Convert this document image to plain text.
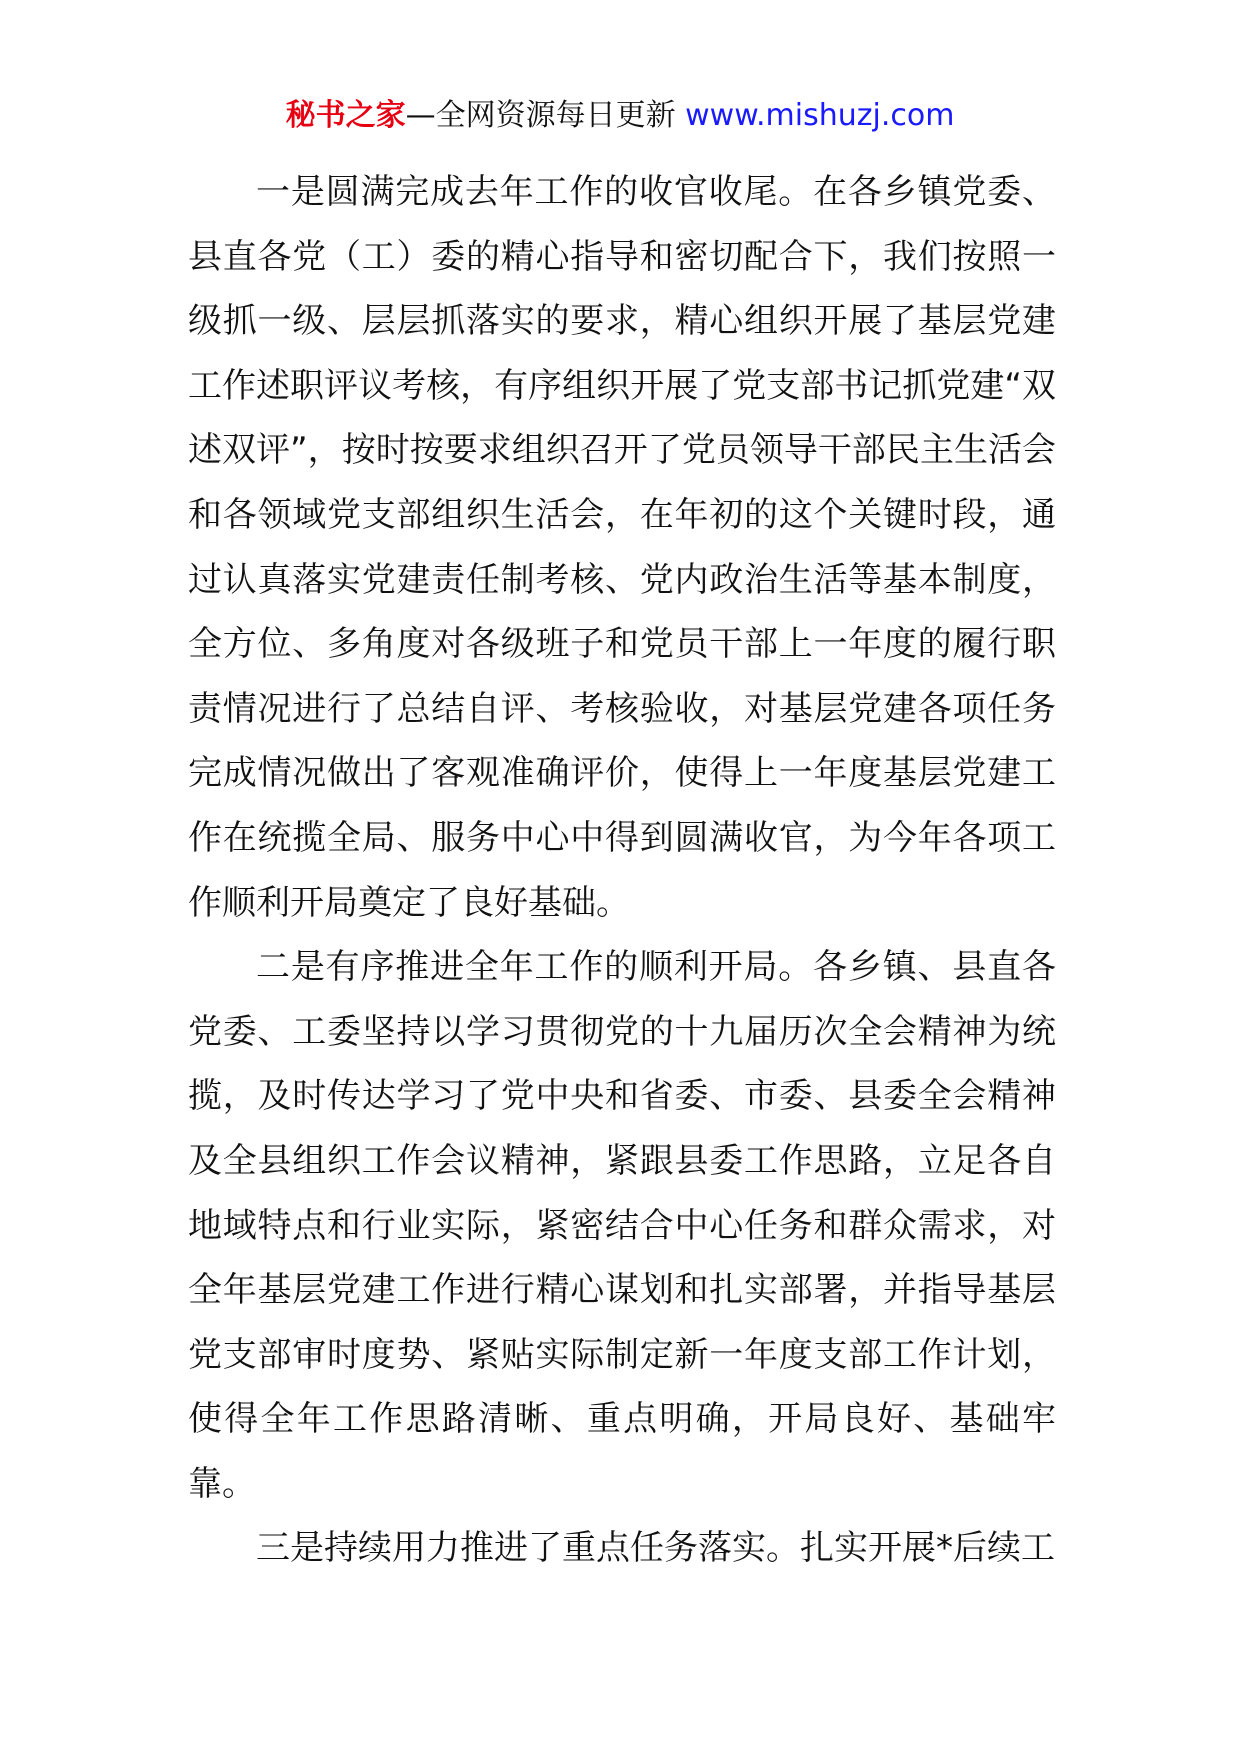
秘书之家—全网资源每日更新 www.mishuzj.com

一是圆满完成去年工作的收官收尾。在各乡镇党委、县直各党（工）委的精心指导和密切配合下，我们按照一级抓一级、层层抓落实的要求，精心组织开展了基层党建工作述职评议考核，有序组织开展了党支部书记抓党建“双述双评”，按时按要求组织召开了党员领导干部民主生活会和各领域党支部组织生活会，在年初的这个关键时段，通过认真落实党建责任制考核、党内政治生活等基本制度，全方位、多角度对各级班子和党员干部上一年度的履行职责情况进行了总结自评、考核验收，对基层党建各项任务完成情况做出了客观准确评价，使得上一年度基层党建工作在统揽全局、服务中心中得到圆满收官，为今年各项工作顺利开局奠定了良好基础。

二是有序推进全年工作的顺利开局。各乡镇、县直各党委、工委坚持以学习贯彻党的十九届历次全会精神为统揽，及时传达学习了党中央和省委、市委、县委全会精神及全县组织工作会议精神，紧跟县委工作思路，立足各自地域特点和行业实际，紧密结合中心任务和群众需求，对全年基层党建工作进行精心谋划和扎实部署，并指导基层党支部审时度势、紧贴实际制定新一年度支部工作计划，使得全年工作思路清晰、重点明确，开局良好、基础牢靠。

三是持续用力推进了重点任务落实。扎实开展*后续工
